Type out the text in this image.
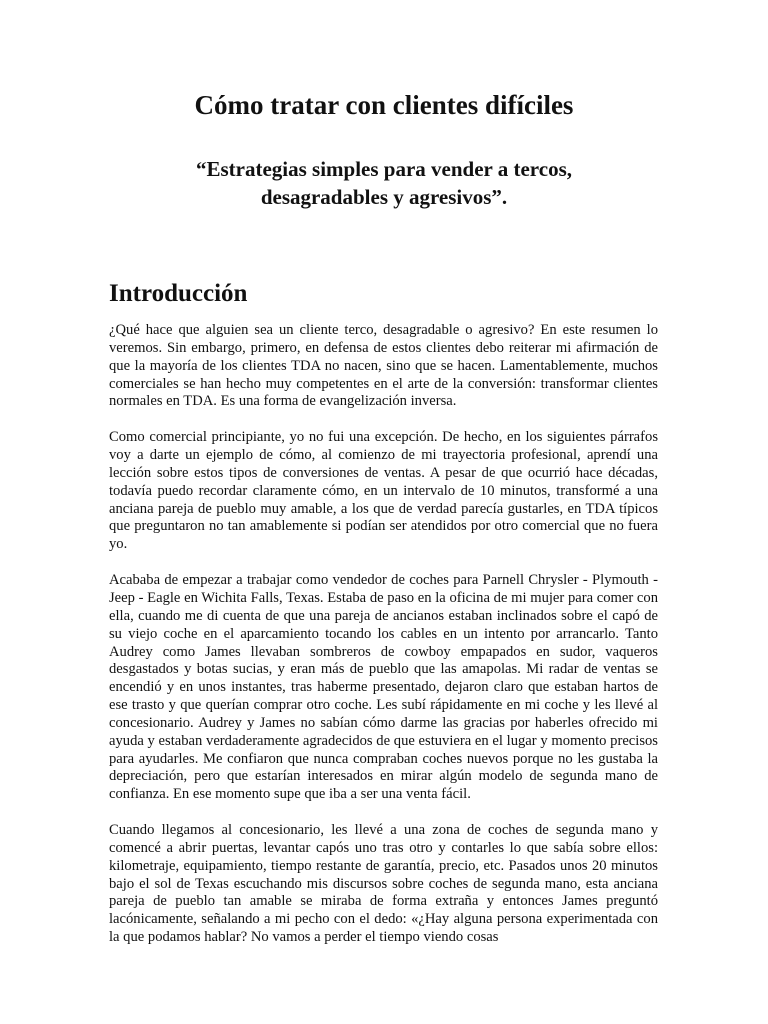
Cómo tratar con clientes difíciles
“Estrategias simples para vender a tercos, desagradables y agresivos”.
Introducción

¿Qué hace que alguien sea un cliente terco, desagradable o agresivo? En este resumen lo veremos. Sin embargo, primero, en defensa de estos clientes debo reiterar mi afirmación de que la mayoría de los clientes TDA no nacen, sino que se hacen. Lamentablemente, muchos comerciales se han hecho muy competentes en el arte de la conversión: transformar clientes normales en TDA. Es una forma de evangelización inversa.

Como comercial principiante, yo no fui una excepción. De hecho, en los siguientes párrafos voy a darte un ejemplo de cómo, al comienzo de mi trayectoria profesional, aprendí una lección sobre estos tipos de conversiones de ventas. A pesar de que ocurrió hace décadas, todavía puedo recordar claramente cómo, en un intervalo de 10 minutos, transformé a una anciana pareja de pueblo muy amable, a los que de verdad parecía gustarles, en TDA típicos que preguntaron no tan amablemente si podían ser atendidos por otro comercial que no fuera yo.

Acababa de empezar a trabajar como vendedor de coches para Parnell Chrysler - Plymouth - Jeep - Eagle en Wichita Falls, Texas. Estaba de paso en la oficina de mi mujer para comer con ella, cuando me di cuenta de que una pareja de ancianos estaban inclinados sobre el capó de su viejo coche en el aparcamiento tocando los cables en un intento por arrancarlo. Tanto Audrey como James llevaban sombreros de cowboy empapados en sudor, vaqueros desgastados y botas sucias, y eran más de pueblo que las amapolas. Mi radar de ventas se encendió y en unos instantes, tras haberme presentado, dejaron claro que estaban hartos de ese trasto y que querían comprar otro coche. Les subí rápidamente en mi coche y les llevé al concesionario. Audrey y James no sabían cómo darme las gracias por haberles ofrecido mi ayuda y estaban verdaderamente agradecidos de que estuviera en el lugar y momento precisos para ayudarles. Me confiaron que nunca compraban coches nuevos porque no les gustaba la depreciación, pero que estarían interesados en mirar algún modelo de segunda mano de confianza. En ese momento supe que iba a ser una venta fácil.

Cuando llegamos al concesionario, les llevé a una zona de coches de segunda mano y comencé a abrir puertas, levantar capós uno tras otro y contarles lo que sabía sobre ellos: kilometraje, equipamiento, tiempo restante de garantía, precio, etc. Pasados unos 20 minutos bajo el sol de Texas escuchando mis discursos sobre coches de segunda mano, esta anciana pareja de pueblo tan amable se miraba de forma extraña y entonces James preguntó lacónicamente, señalando a mi pecho con el dedo: «¿Hay alguna persona experimentada con la que podamos hablar? No vamos a perder el tiempo viendo cosas
